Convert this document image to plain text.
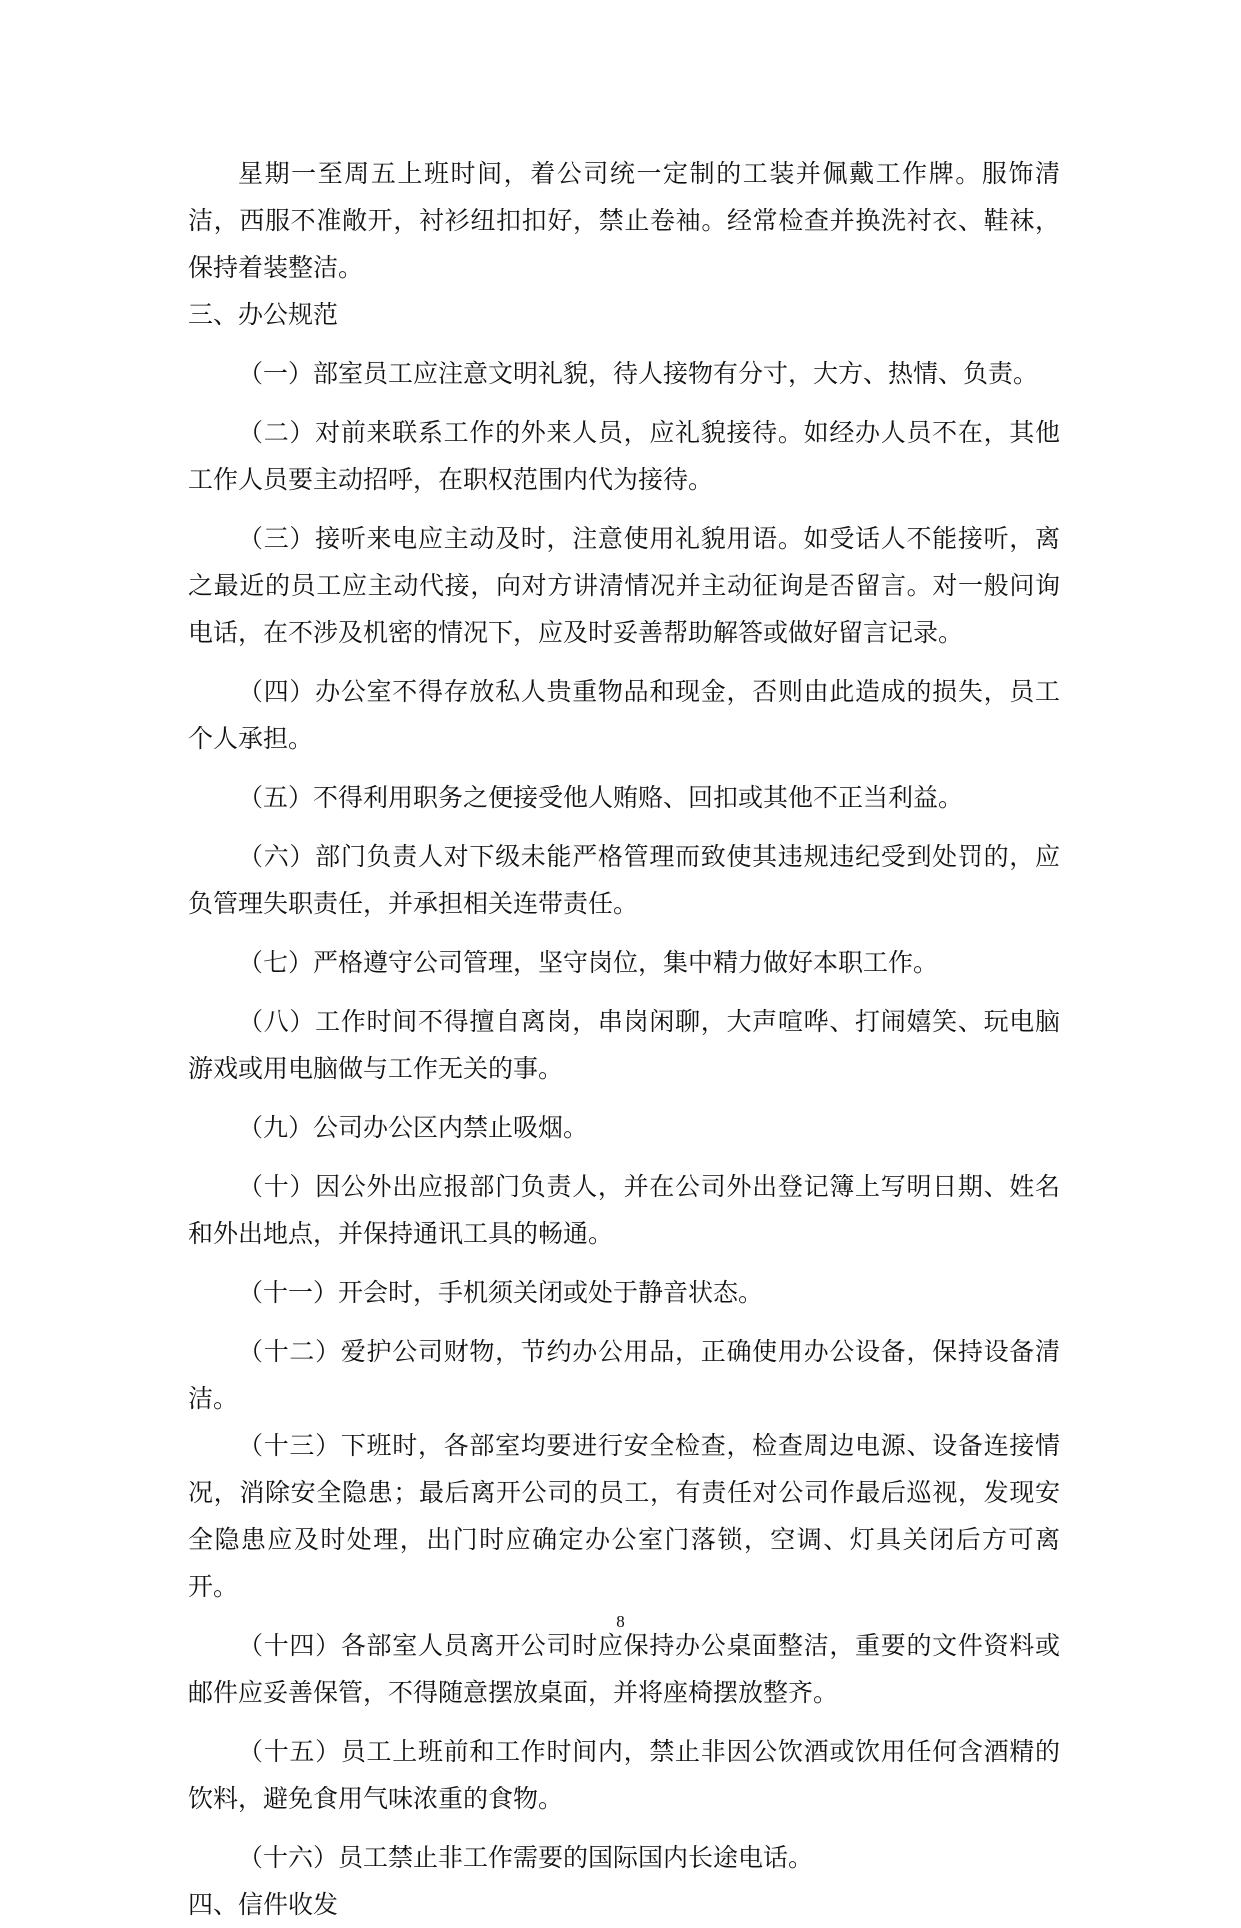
星期一至周五上班时间，着公司统一定制的工装并佩戴工作牌。服饰清洁，西服不准敞开，衬衫纽扣扣好，禁止卷袖。经常检查并换洗衬衣、鞋袜，保持着装整洁。

三、办公规范

（一）部室员工应注意文明礼貌，待人接物有分寸，大方、热情、负责。

（二）对前来联系工作的外来人员，应礼貌接待。如经办人员不在，其他工作人员要主动招呼，在职权范围内代为接待。

（三）接听来电应主动及时，注意使用礼貌用语。如受话人不能接听，离之最近的员工应主动代接，向对方讲清情况并主动征询是否留言。对一般问询电话，在不涉及机密的情况下，应及时妥善帮助解答或做好留言记录。

（四）办公室不得存放私人贵重物品和现金，否则由此造成的损失，员工个人承担。

（五）不得利用职务之便接受他人贿赂、回扣或其他不正当利益。

（六）部门负责人对下级未能严格管理而致使其违规违纪受到处罚的，应负管理失职责任，并承担相关连带责任。

（七）严格遵守公司管理，坚守岗位，集中精力做好本职工作。

（八）工作时间不得擅自离岗，串岗闲聊，大声喧哗、打闹嬉笑、玩电脑游戏或用电脑做与工作无关的事。

（九）公司办公区内禁止吸烟。

（十）因公外出应报部门负责人，并在公司外出登记簿上写明日期、姓名和外出地点，并保持通讯工具的畅通。

（十一）开会时，手机须关闭或处于静音状态。

（十二）爱护公司财物，节约办公用品，正确使用办公设备，保持设备清洁。

（十三）下班时，各部室均要进行安全检查，检查周边电源、设备连接情况，消除安全隐患；最后离开公司的员工，有责任对公司作最后巡视，发现安全隐患应及时处理，出门时应确定办公室门落锁，空调、灯具关闭后方可离开。

（十四）各部室人员离开公司时应保持办公桌面整洁，重要的文件资料或邮件应妥善保管，不得随意摆放桌面，并将座椅摆放整齐。

（十五）员工上班前和工作时间内，禁止非因公饮酒或饮用任何含酒精的饮料，避免食用气味浓重的食物。

（十六）员工禁止非工作需要的国际国内长途电话。

四、信件收发

8
